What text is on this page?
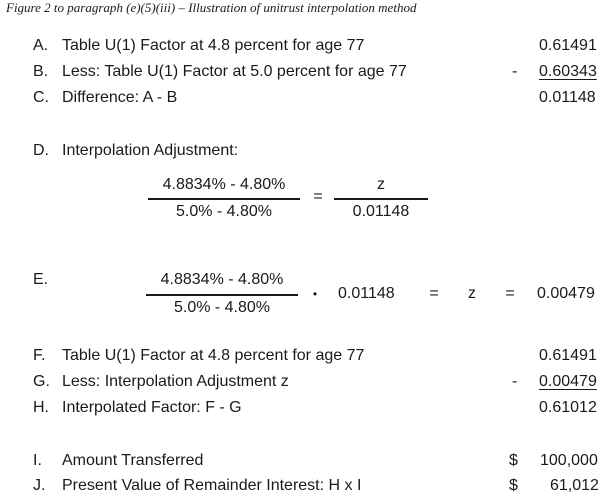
Figure 2 to paragraph (e)(5)(iii) – Illustration of unitrust interpolation method
A. Table U(1) Factor at 4.8 percent for age 77	0.61491
B. Less: Table U(1) Factor at 5.0 percent for age 77	- 0.60343
C. Difference: A - B	0.01148
D. Interpolation Adjustment:
4.8834% - 4.80%
5.0% - 4.80%
=
z
0.01148
E.	4.8834% - 4.80%
5.0% - 4.80%
• 0.01148 = z = 0.00479
F. Table U(1) Factor at 4.8 percent for age 77	0.61491
G. Less: Interpolation Adjustment z	- 0.00479
H. Interpolated Factor: F - G	0.61012
I. Amount Transferred	$ 100,000
J. Present Value of Remainder Interest: H x I	$ 61,012
